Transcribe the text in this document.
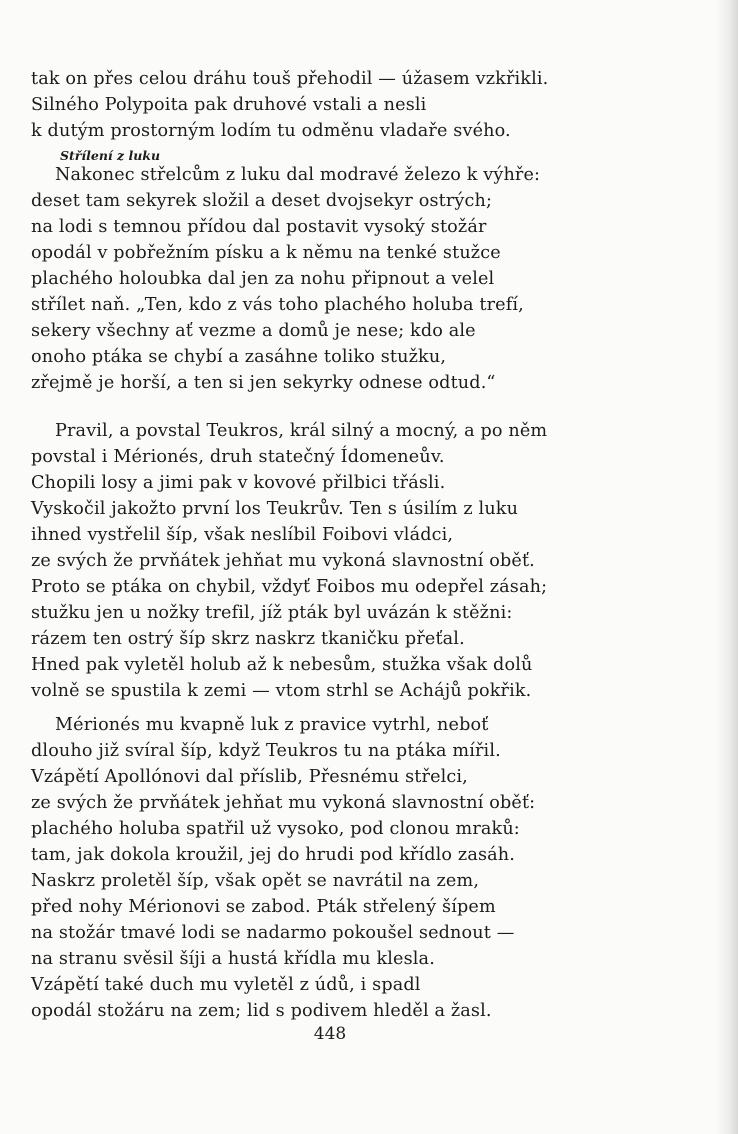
tak on přes celou dráhu touš přehodil — úžasem vzkřikli.
Silného Polypoita pak druhové vstali a nesli
k dutým prostorným lodím tu odměnu vladaře svého.
Střílení z luku
Nakonec střelcům z luku dal modravé železo k výhře:
deset tam sekyrek složil a deset dvojsekyr ostrých;
na lodi s temnou přídou dal postavit vysoký stožár
opodál v pobřežním písku a k němu na tenké stužce
plachého holoubka dal jen za nohu připnout a velel
střílet naň. „Ten, kdo z vás toho plachého holuba trefí,
sekery všechny ať vezme a domů je nese; kdo ale
onoho ptáka se chybí a zasáhne toliko stužku,
zřejmě je horší, a ten si jen sekyrky odnese odtud.“
Pravil, a povstal Teukros, král silný a mocný, a po něm
povstal i Mérionés, druh statečný Ídomeneův.
Chopili losy a jimi pak v kovové přilbici třásli.
Vyskočil jakožto první los Teukrův. Ten s úsilím z luku
ihned vystřelil šíp, však neslíbil Foibovi vládci,
ze svých že prvňátek jehňat mu vykoná slavnostní oběť.
Proto se ptáka on chybil, vždyť Foibos mu odepřel zásah;
stužku jen u nožky trefil, jíž pták byl uvázán k stěžni:
rázem ten ostrý šíp skrz naskrz tkaničku přeťal.
Hned pak vyletěl holub až k nebesům, stužka však dolů
volně se spustila k zemi — vtom strhl se Achájů pokřik.
Mérionés mu kvapně luk z pravice vytrhl, neboť
dlouho již svíral šíp, když Teukros tu na ptáka mířil.
Vzápětí Apollónovi dal příslib, Přesnému střelci,
ze svých že prvňátek jehňat mu vykoná slavnostní oběť:
plachého holuba spatřil už vysoko, pod clonou mraků:
tam, jak dokola kroužil, jej do hrudi pod křídlo zasáh.
Naskrz proletěl šíp, však opět se navrátil na zem,
před nohy Mérionovi se zabod. Pták střelený šípem
na stožár tmavé lodi se nadarmo pokoušel sednout —
na stranu svěsil šíji a hustá křídla mu klesla.
Vzápětí také duch mu vyletěl z údů, i spadl
opodál stožáru na zem; lid s podivem hleděl a žasl.
448
